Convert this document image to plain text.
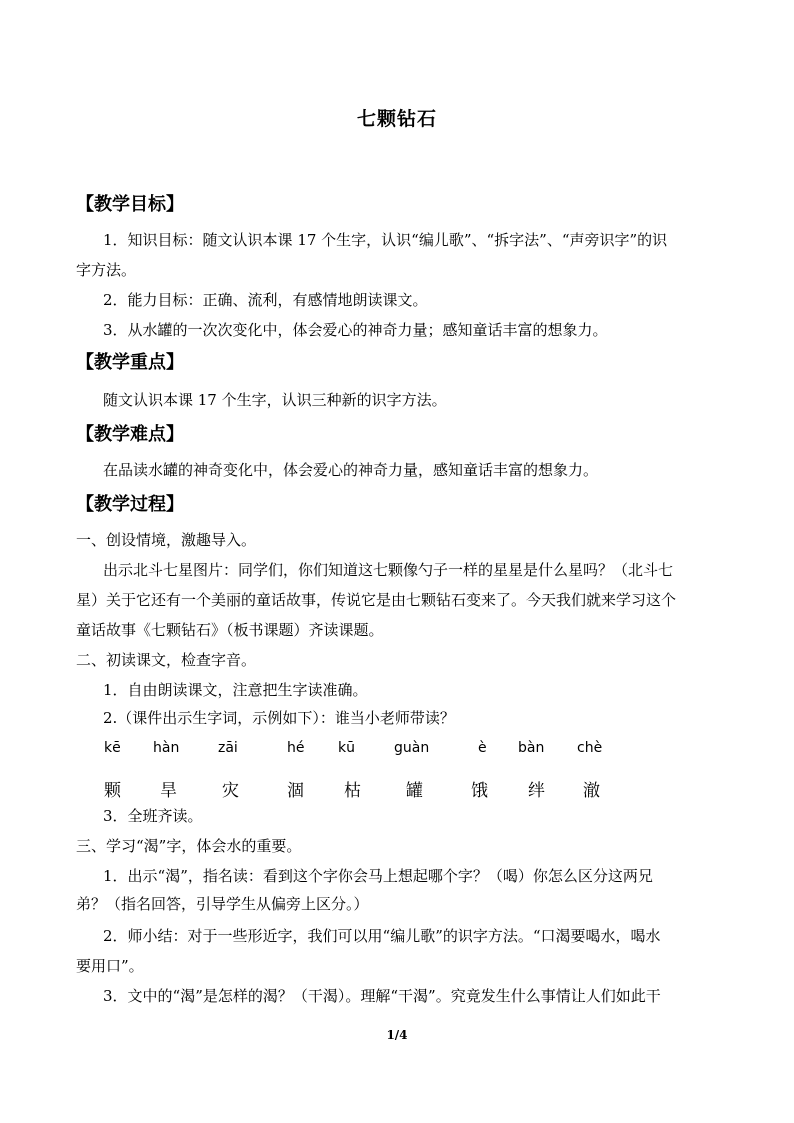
七颗钻石
【教学目标】
1．知识目标：随文认识本课 17 个生字，认识“编儿歌”、“拆字法”、“声旁识字”的识
字方法。
2．能力目标：正确、流利，有感情地朗读课文。
3．从水罐的一次次变化中，体会爱心的神奇力量；感知童话丰富的想象力。
【教学重点】
随文认识本课 17 个生字，认识三种新的识字方法。
【教学难点】
在品读水罐的神奇变化中，体会爱心的神奇力量，感知童话丰富的想象力。
【教学过程】
一、创设情境，激趣导入。
出示北斗七星图片：同学们，你们知道这七颗像勺子一样的星星是什么星吗？（北斗七
星）关于它还有一个美丽的童话故事，传说它是由七颗钻石变来了。今天我们就来学习这个
童话故事《七颗钻石》（板书课题）齐读课题。
二、初读课文，检查字音。
1．自由朗读课文，注意把生字读准确。
2.（课件出示生字词，示例如下）：谁当小老师带读？
kē hàn	zāi	hé kū	guàn	è bàn chè
颗 旱	灾	涸 枯	罐	饿 绊 澈
3．全班齐读。
三、学习“渴”字，体会水的重要。
1．出示“渴”，指名读：看到这个字你会马上想起哪个字？（喝）你怎么区分这两兄
弟？（指名回答，引导学生从偏旁上区分。）
2．师小结：对于一些形近字，我们可以用“编儿歌”的识字方法。“口渴要喝水，喝水
要用口”。
3．文中的“渴”是怎样的渴？（干渴）。理解“干渴”。究竟发生什么事情让人们如此干
1/4
